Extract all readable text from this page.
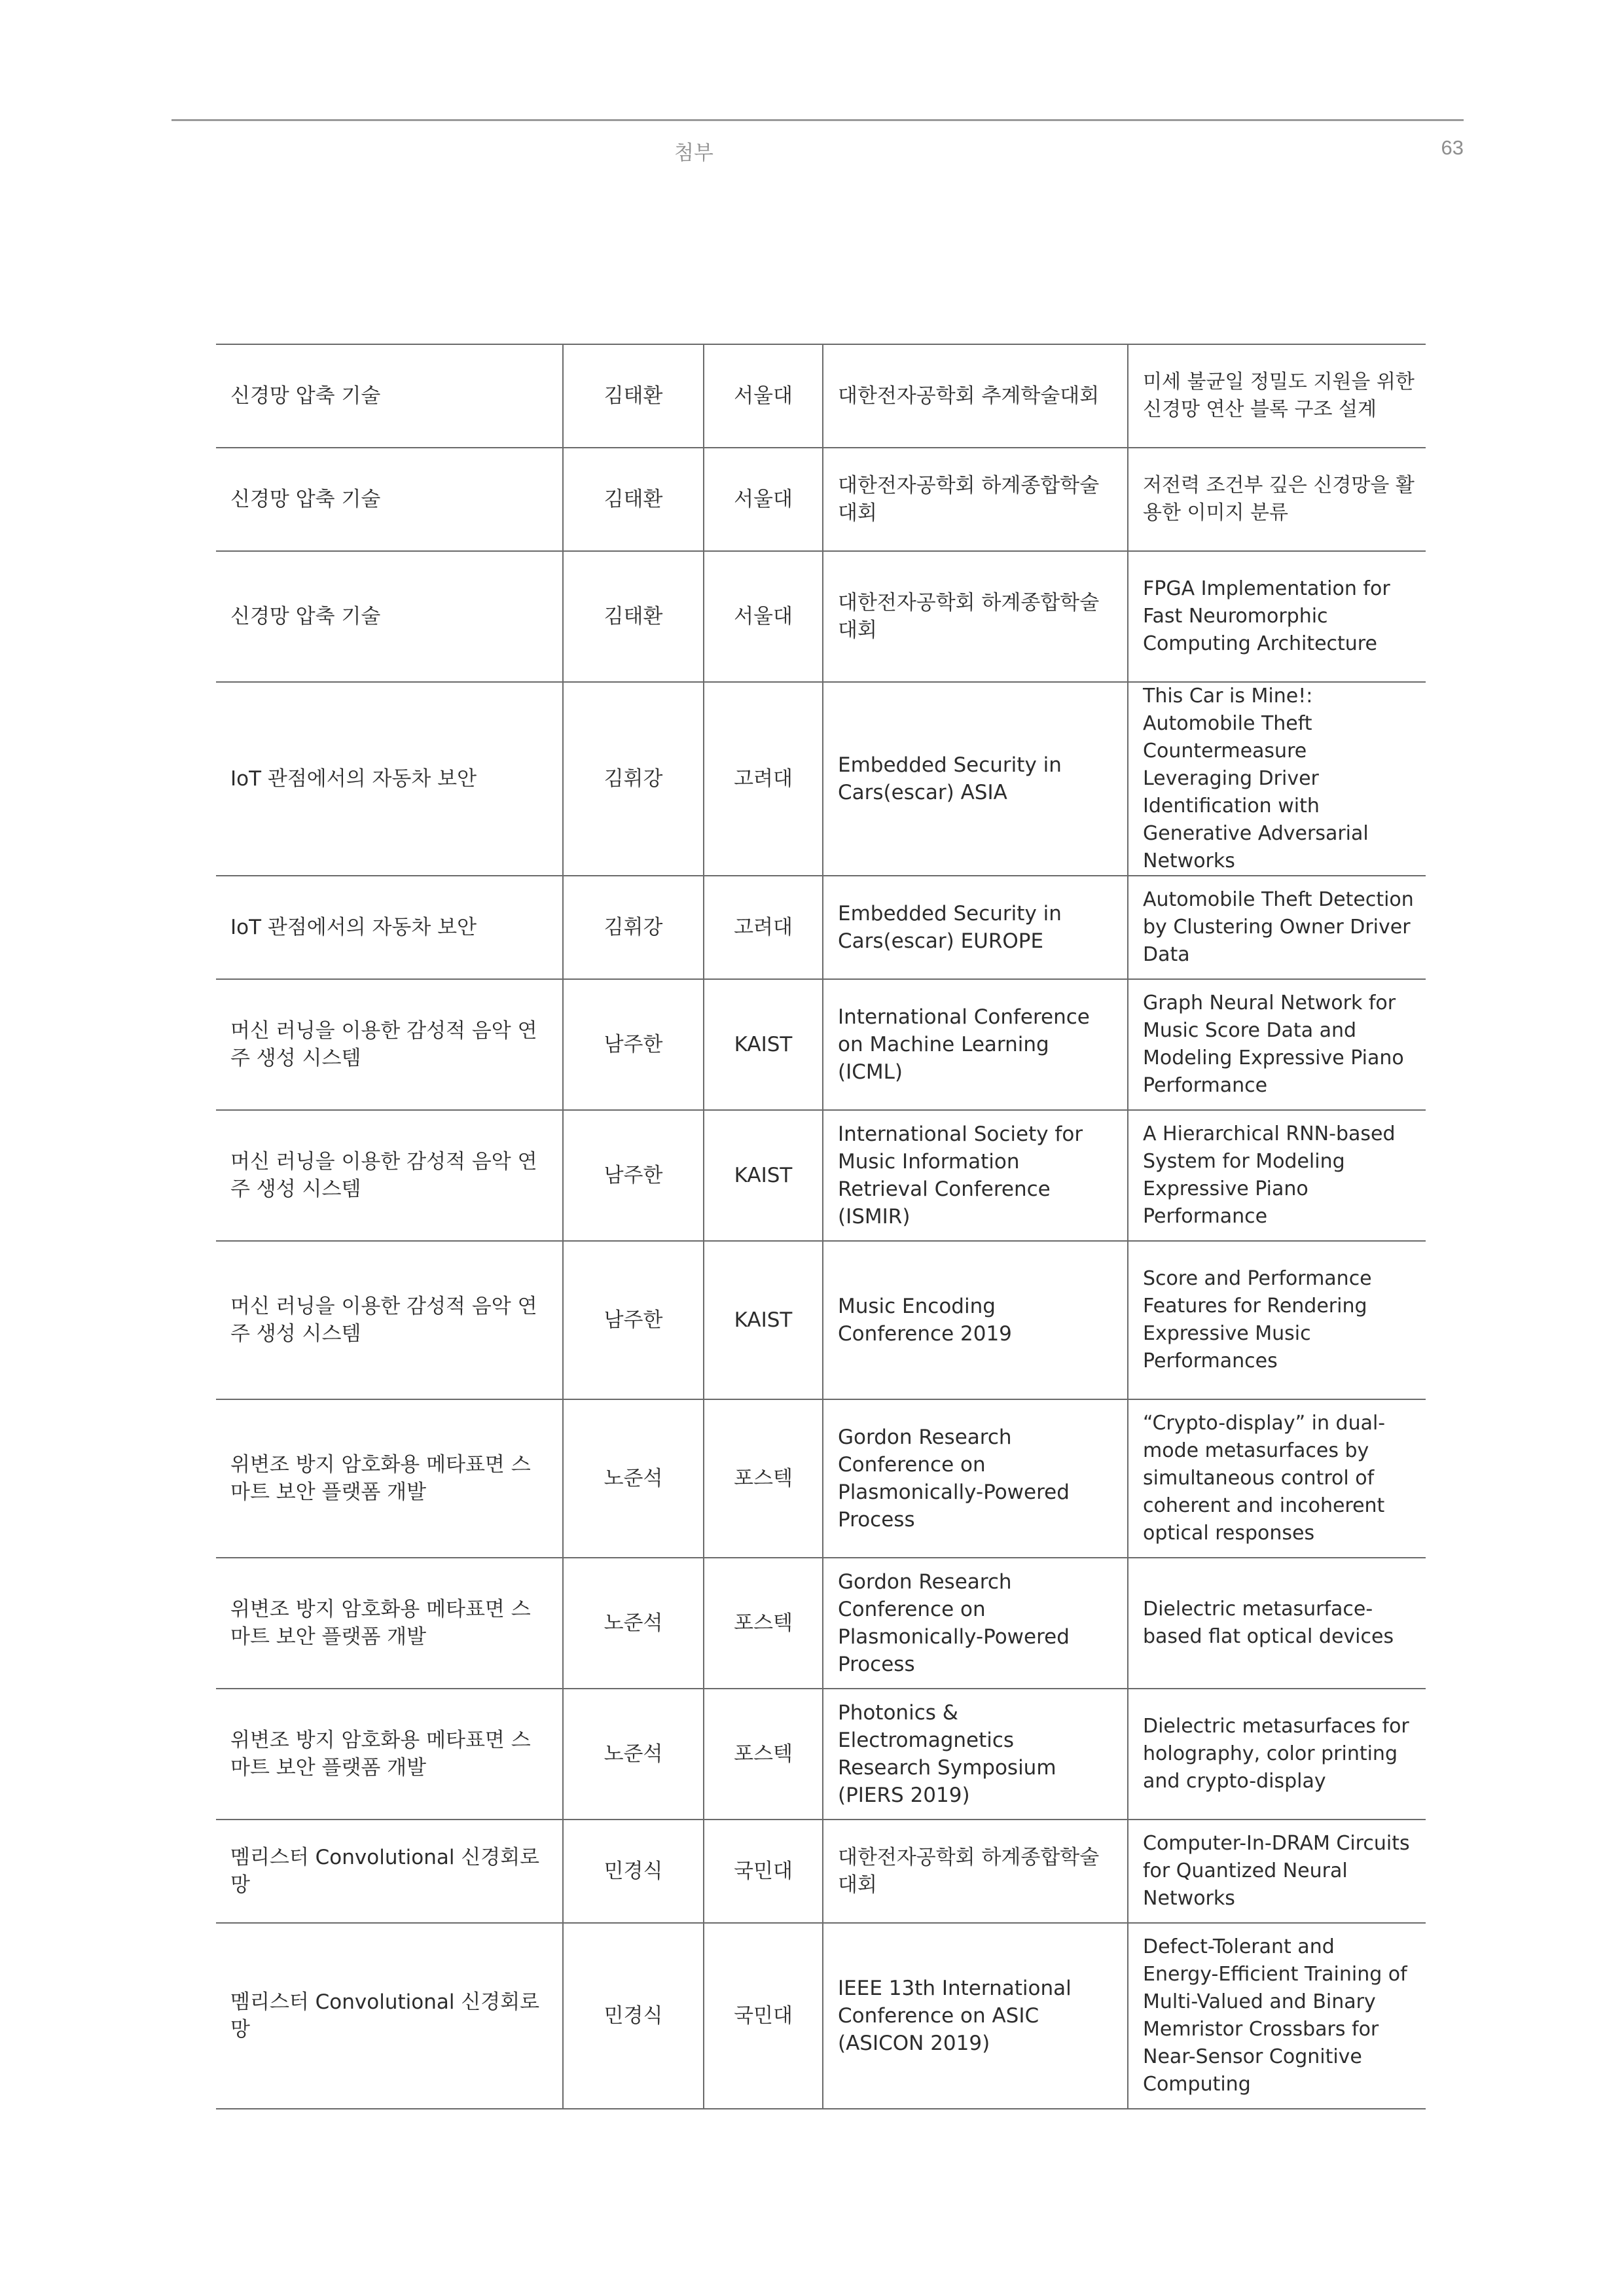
첨부	63
신경망 압축 기술	김태환	서울대	대한전자공학회 추계학술대회	미세 불균일 정밀도 지원을 위한 신경망 연산 블록 구조 설계
신경망 압축 기술	김태환	서울대	대한전자공학회 하계종합학술대회	저전력 조건부 깊은 신경망을 활용한 이미지 분류
신경망 압축 기술	김태환	서울대	대한전자공학회 하계종합학술대회	FPGA Implementation for Fast Neuromorphic Computing Architecture
IoT 관점에서의 자동차 보안	김휘강	고려대	Embedded Security in Cars(escar) ASIA	This Car is Mine!: Automobile Theft Countermeasure Leveraging Driver Identification with Generative Adversarial Networks
IoT 관점에서의 자동차 보안	김휘강	고려대	Embedded Security in Cars(escar) EUROPE	Automobile Theft Detection by Clustering Owner Driver Data
머신 러닝을 이용한 감성적 음악 연주 생성 시스템	남주한	KAIST	International Conference on Machine Learning (ICML)	Graph Neural Network for Music Score Data and Modeling Expressive Piano Performance
머신 러닝을 이용한 감성적 음악 연주 생성 시스템	남주한	KAIST	International Society for Music Information Retrieval Conference (ISMIR)	A Hierarchical RNN-based System for Modeling Expressive Piano Performance
머신 러닝을 이용한 감성적 음악 연주 생성 시스템	남주한	KAIST	Music Encoding Conference 2019	Score and Performance Features for Rendering Expressive Music Performances
위변조 방지 암호화용 메타표면 스마트 보안 플랫폼 개발	노준석	포스텍	Gordon Research Conference on Plasmonically-Powered Process	“Crypto-display” in dual-mode metasurfaces by simultaneous control of coherent and incoherent optical responses
위변조 방지 암호화용 메타표면 스마트 보안 플랫폼 개발	노준석	포스텍	Gordon Research Conference on Plasmonically-Powered Process	Dielectric metasurface-based flat optical devices
위변조 방지 암호화용 메타표면 스마트 보안 플랫폼 개발	노준석	포스텍	Photonics & Electromagnetics Research Symposium (PIERS 2019)	Dielectric metasurfaces for holography, color printing and crypto-display
멤리스터 Convolutional 신경회로망	민경식	국민대	대한전자공학회 하계종합학술대회	Computer-In-DRAM Circuits for Quantized Neural Networks
멤리스터 Convolutional 신경회로망	민경식	국민대	IEEE 13th International Conference on ASIC (ASICON 2019)	Defect-Tolerant and Energy-Efficient Training of Multi-Valued and Binary Memristor Crossbars for Near-Sensor Cognitive Computing
